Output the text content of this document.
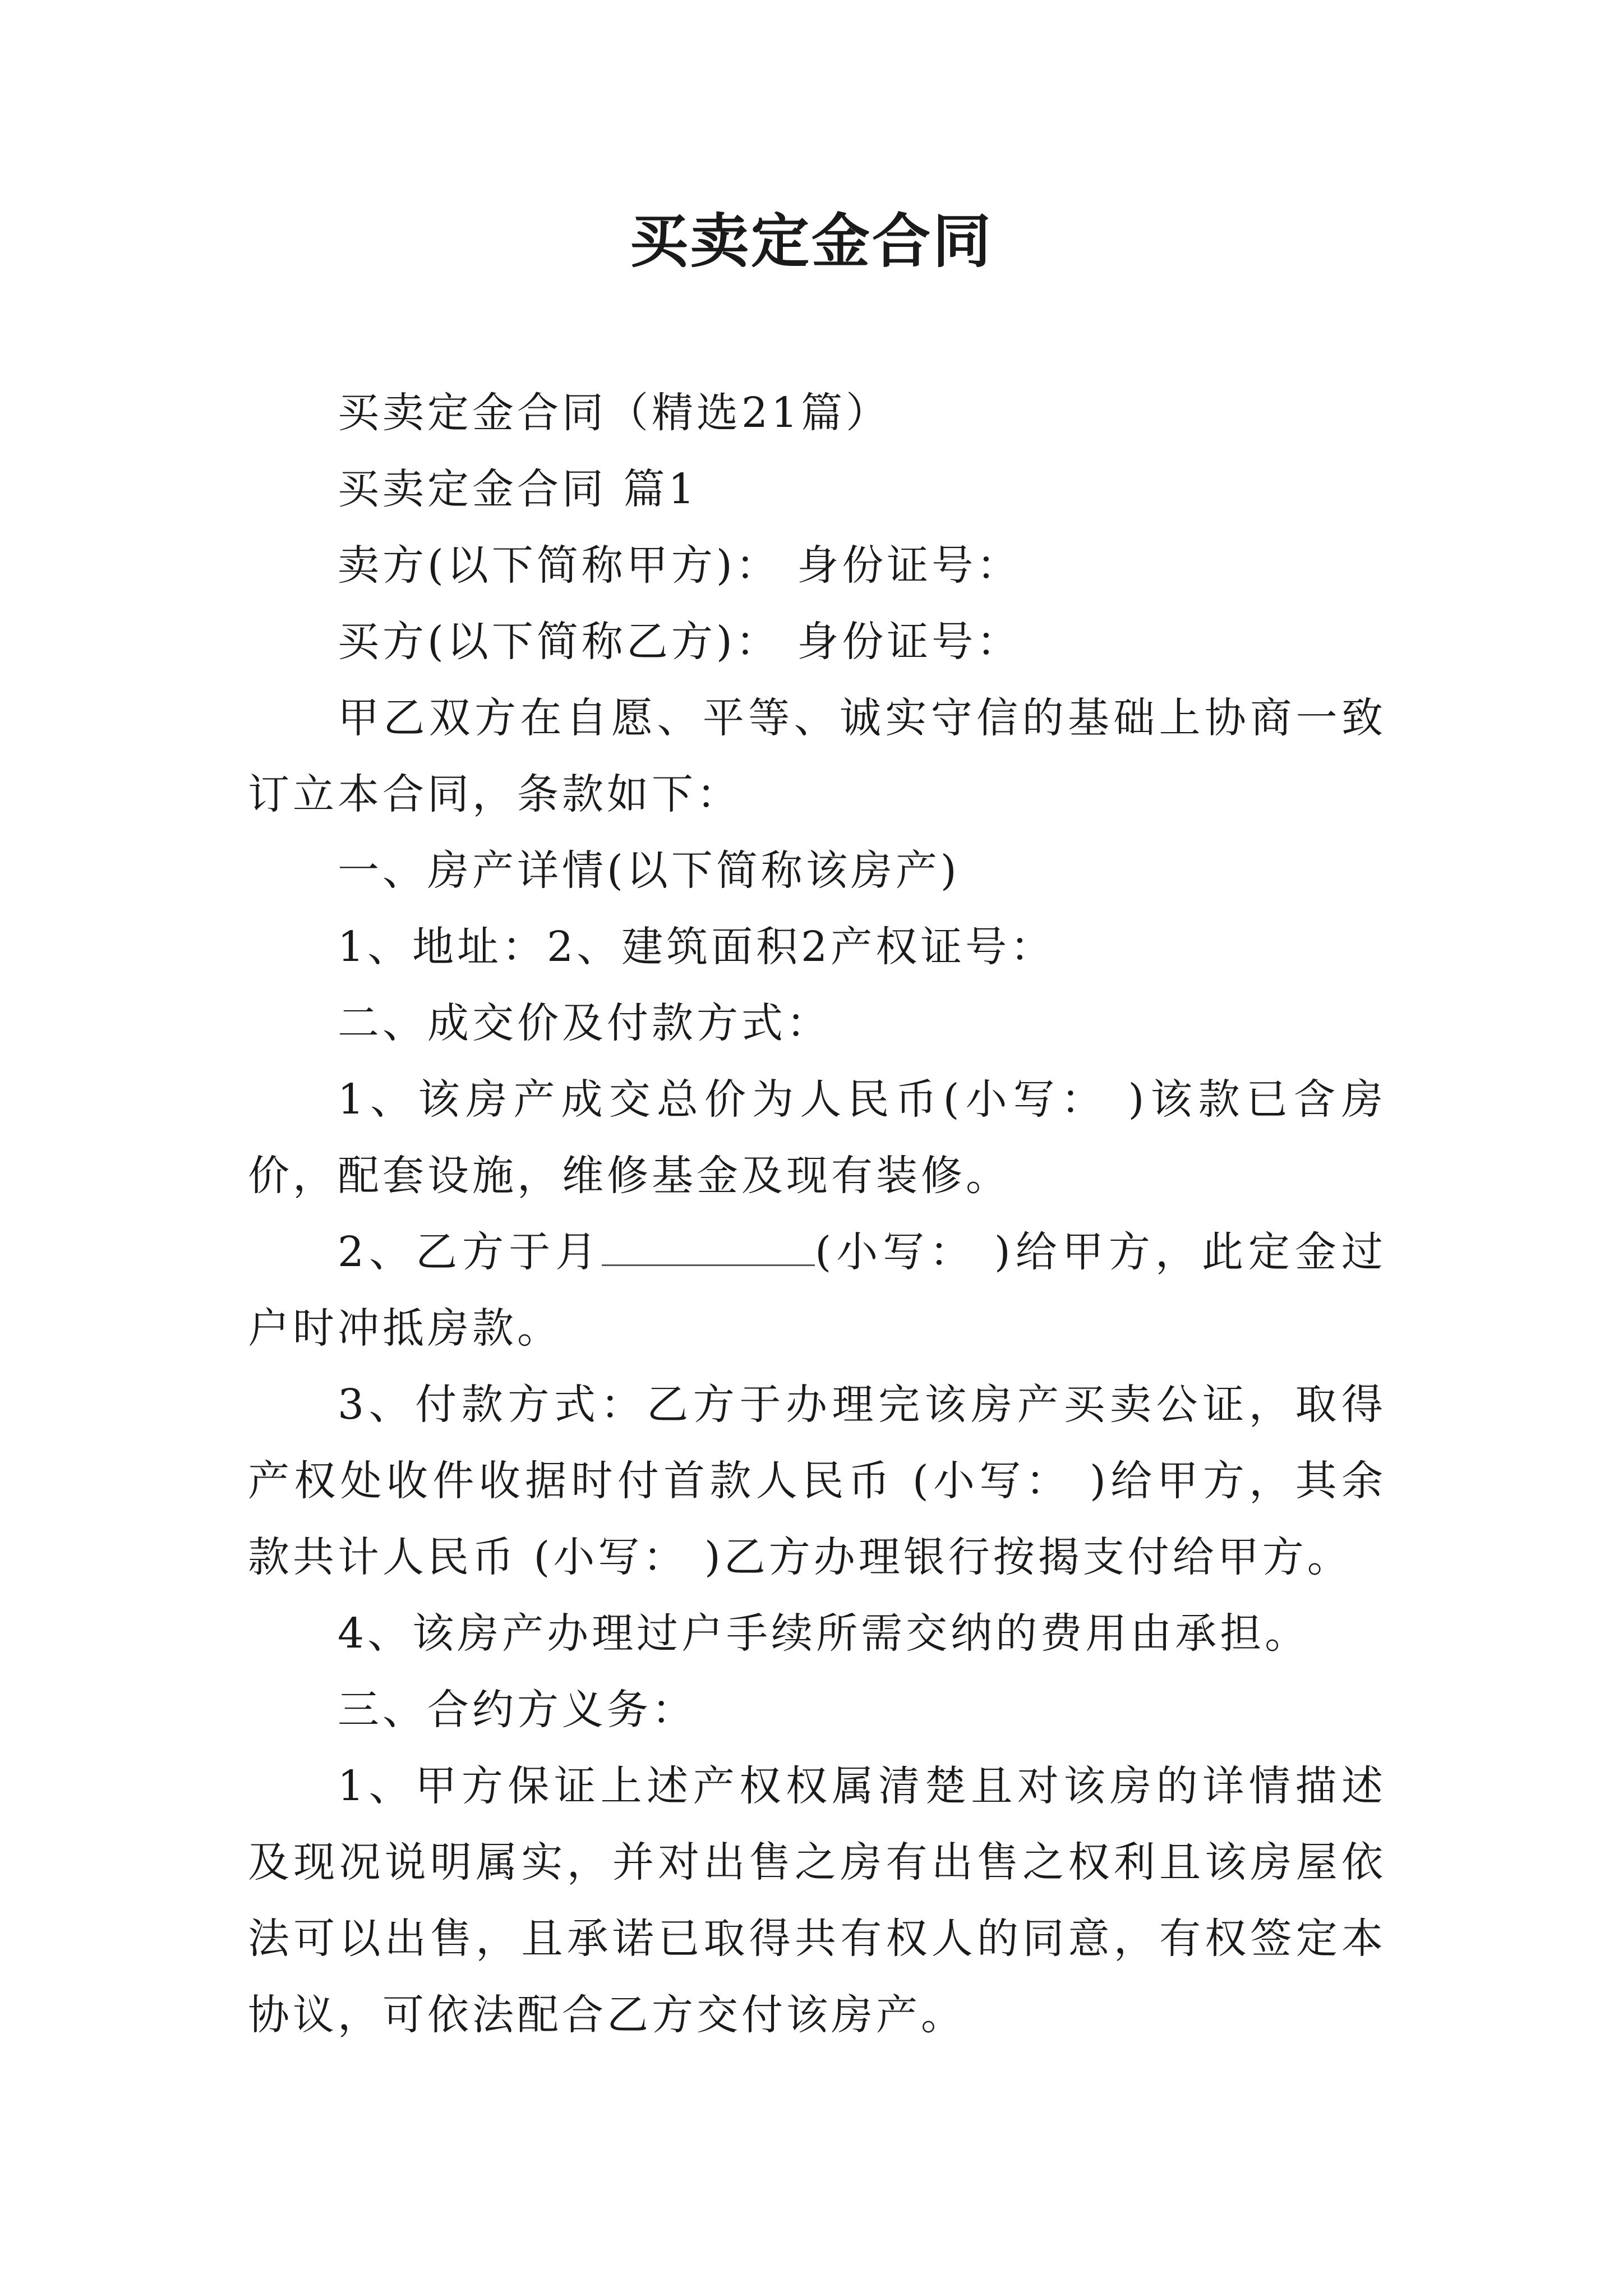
买卖定金合同

买卖定金合同（精选21篇）

买卖定金合同 篇1

卖方(以下简称甲方)： 身份证号：

买方(以下简称乙方)： 身份证号：

甲乙双方在自愿、平等、诚实守信的基础上协商一致订立本合同，条款如下：

一、房产详情(以下简称该房产)

1、地址：2、建筑面积2产权证号：

二、成交价及付款方式：

1、该房产成交总价为人民币(小写： )该款已含房价，配套设施，维修基金及现有装修。

2、乙方于月	(小写： )给甲方，此定金过户时冲抵房款。

3、付款方式：乙方于办理完该房产买卖公证，取得产权处收件收据时付首款人民币 (小写： )给甲方，其余款共计人民币 (小写： )乙方办理银行按揭支付给甲方。

4、该房产办理过户手续所需交纳的费用由承担。

三、合约方义务：

1、甲方保证上述产权权属清楚且对该房的详情描述及现况说明属实，并对出售之房有出售之权利且该房屋依法可以出售，且承诺已取得共有权人的同意，有权签定本协议，可依法配合乙方交付该房产。
